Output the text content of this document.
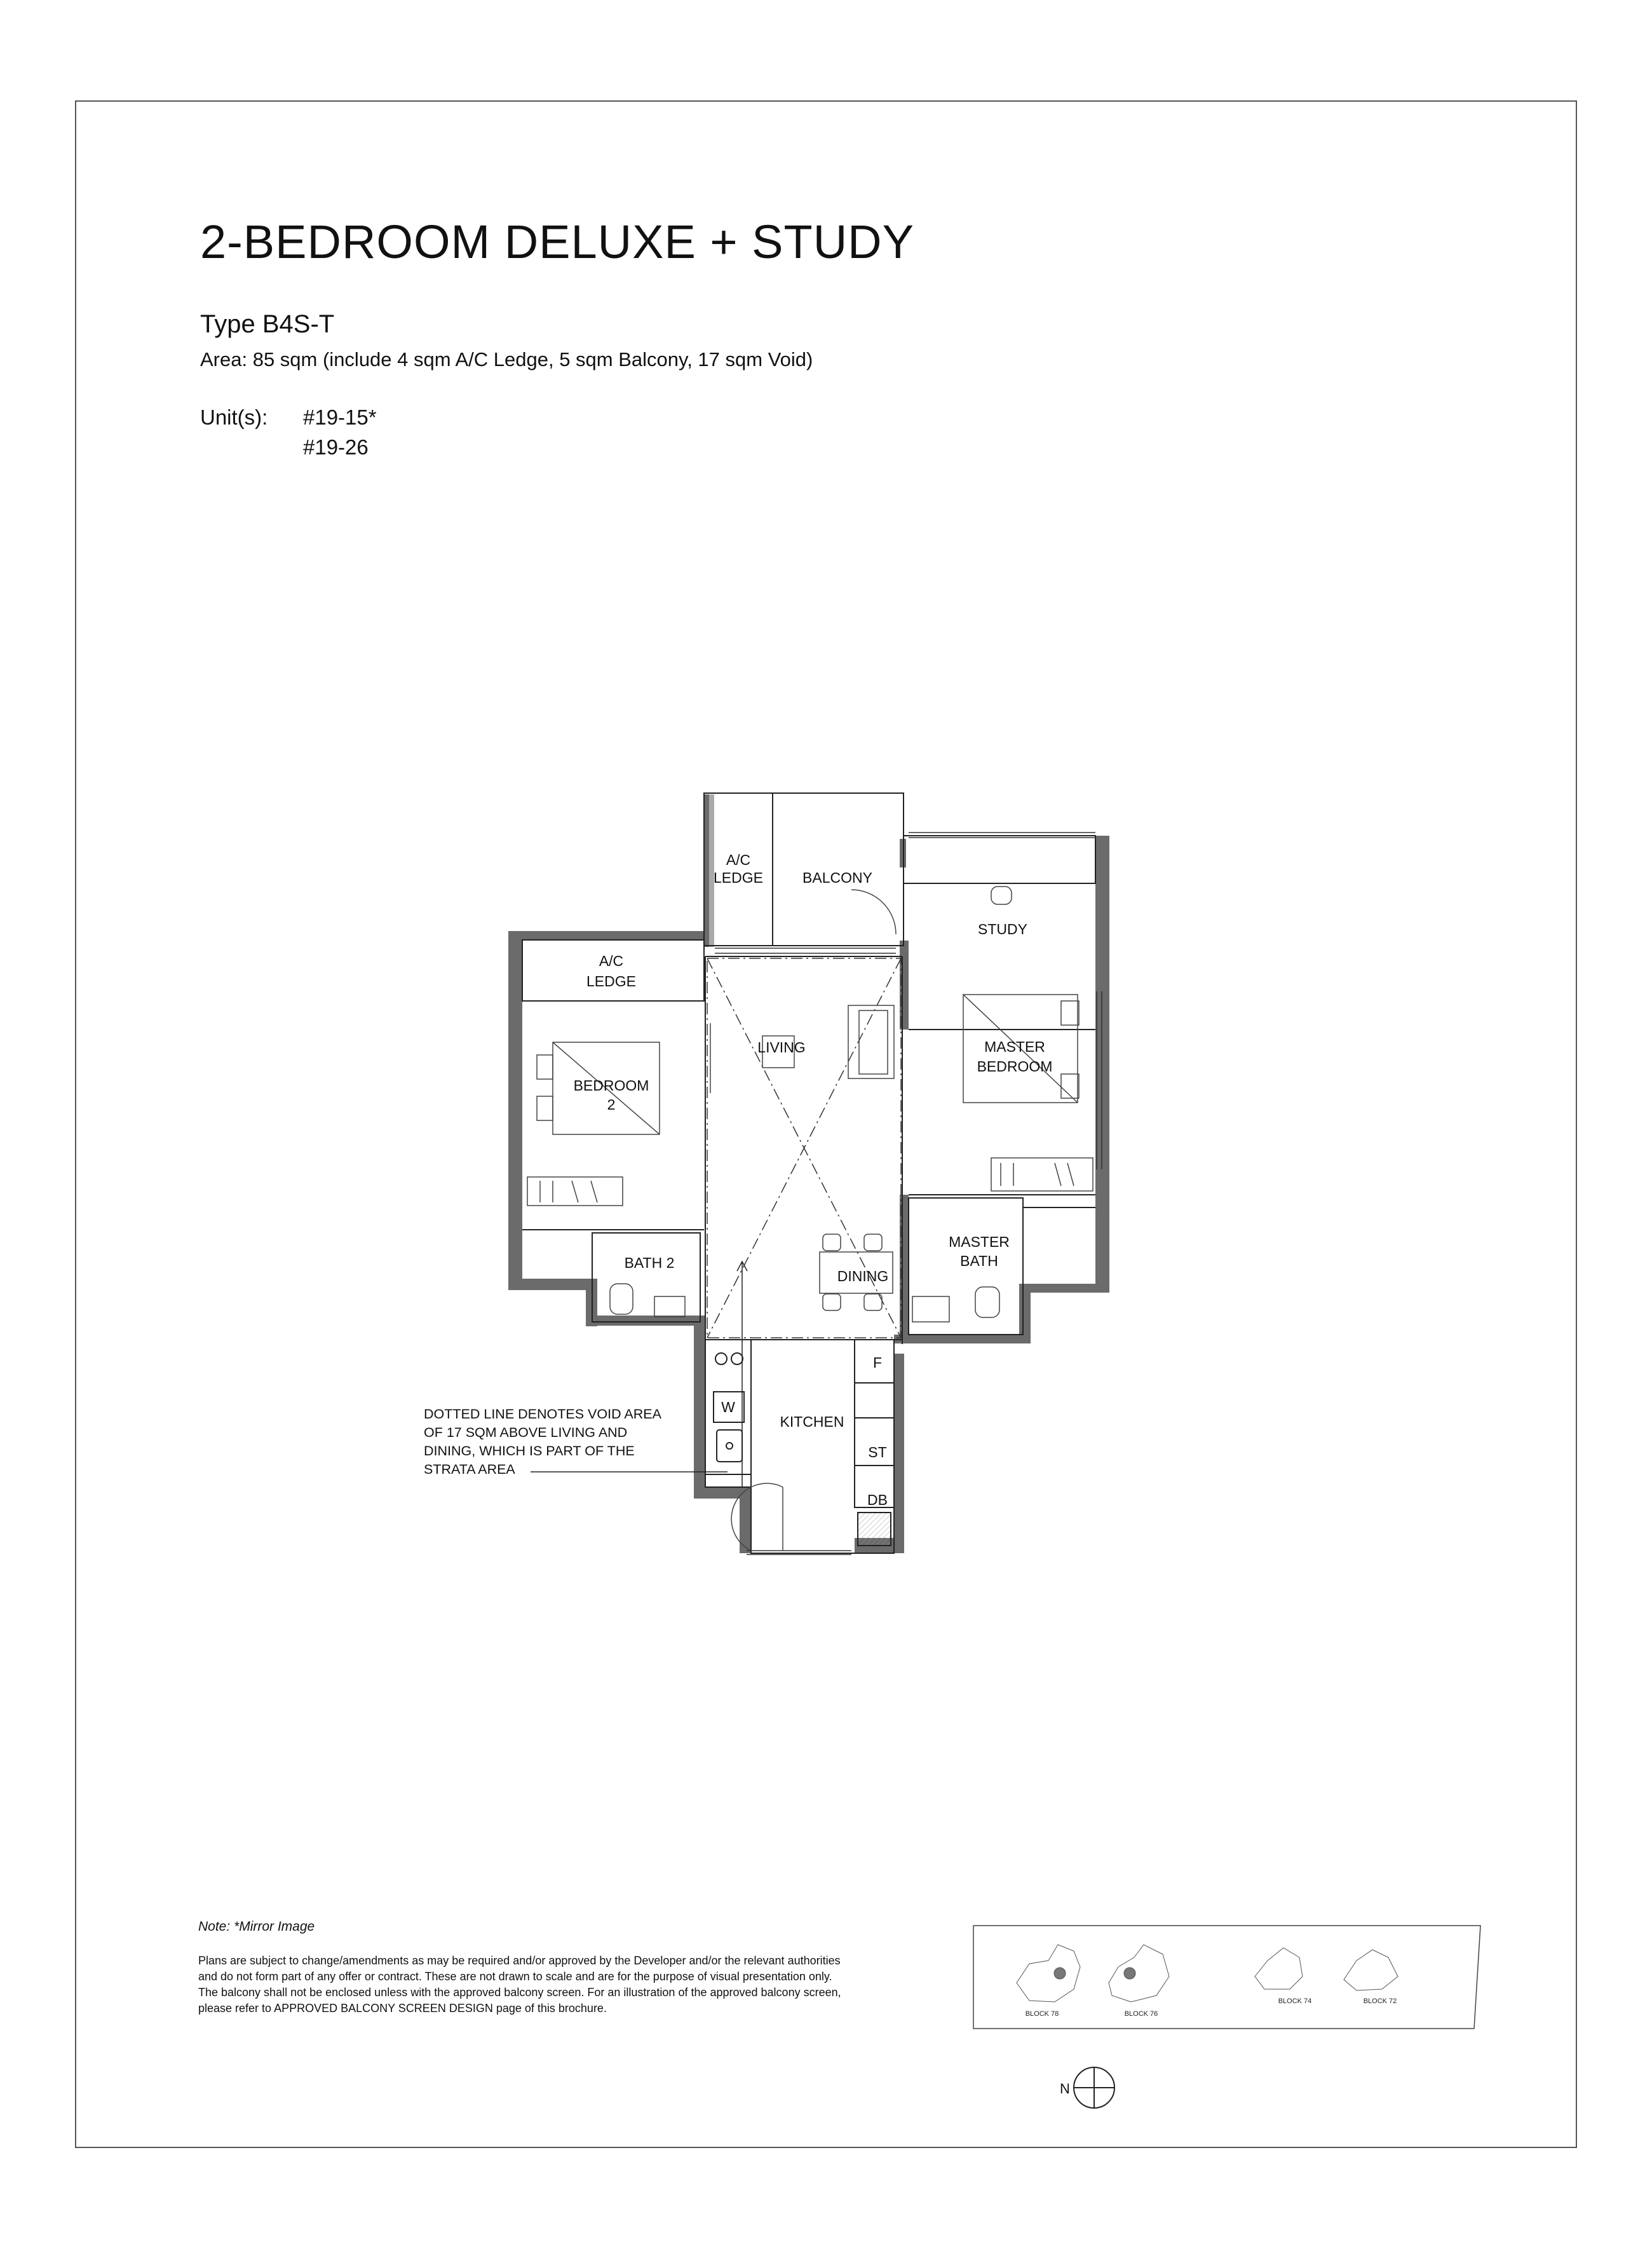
2-BEDROOM DELUXE + STUDY
Type B4S-T
Area: 85 sqm (include 4 sqm A/C Ledge, 5 sqm Balcony, 17 sqm Void)
Unit(s): #19-15*
#19-26
A/C
LEDGE	BALCONY
STUDY
A/C
LEDGE
LIVING	MASTER
BEDROOM
BEDROOM
2
BATH 2
DINING
MASTER
BATH
KITCHEN
F
W
ST
DB
DOTTED LINE DENOTES VOID AREA
OF 17 SQM ABOVE LIVING AND
DINING, WHICH IS PART OF THE
STRATA AREA
BLOCK 78	BLOCK 76
BLOCK 74	BLOCK 72
N
Note: *Mirror Image
Plans are subject to change/amendments as may be required and/or approved by the Developer and/or the relevant authorities
and do not form part of any offer or contract. These are not drawn to scale and are for the purpose of visual presentation only.
The balcony shall not be enclosed unless with the approved balcony screen. For an illustration of the approved balcony screen,
please refer to APPROVED BALCONY SCREEN DESIGN page of this brochure.
